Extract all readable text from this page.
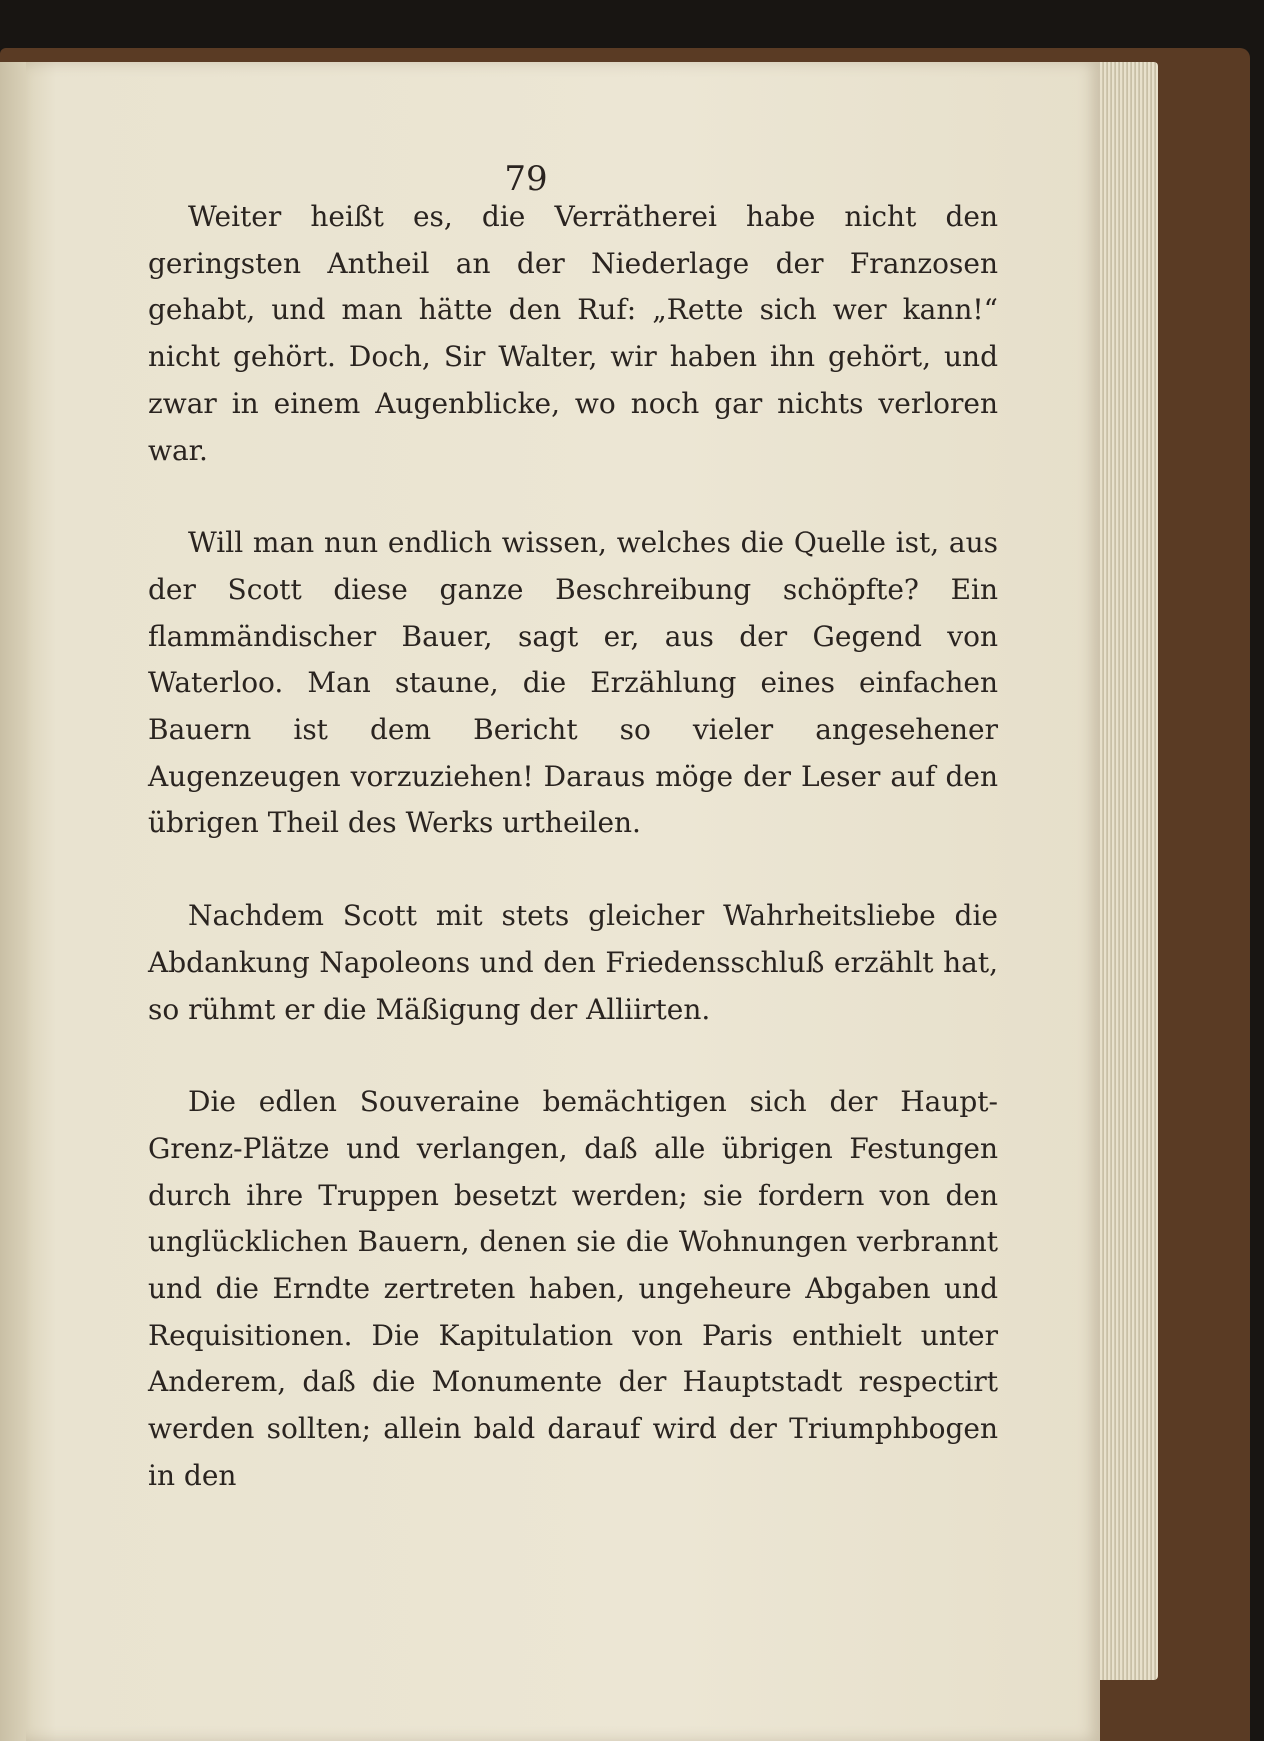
79

Weiter heißt es, die Verrätherei habe nicht den geringsten Antheil an der Niederlage der Franzosen gehabt, und man hätte den Ruf: „Rette sich wer kann!“ nicht gehört. Doch, Sir Walter, wir haben ihn gehört, und zwar in einem Augenblicke, wo noch gar nichts verloren war.

Will man nun endlich wissen, welches die Quelle ist, aus der Scott diese ganze Beschreibung schöpfte? Ein flammändischer Bauer, sagt er, aus der Gegend von Waterloo. Man staune, die Erzählung eines einfachen Bauern ist dem Bericht so vieler angesehener Augenzeugen vorzuziehen! Daraus möge der Leser auf den übrigen Theil des Werks urtheilen.

Nachdem Scott mit stets gleicher Wahrheitsliebe die Abdankung Napoleons und den Friedensschluß erzählt hat, so rühmt er die Mäßigung der Alliirten.

Die edlen Souveraine bemächtigen sich der Haupt-Grenz-Plätze und verlangen, daß alle übrigen Festungen durch ihre Truppen besetzt werden; sie fordern von den unglücklichen Bauern, denen sie die Wohnungen verbrannt und die Erndte zertreten haben, ungeheure Abgaben und Requisitionen. Die Kapitulation von Paris enthielt unter Anderem, daß die Monumente der Hauptstadt respectirt werden sollten; allein bald darauf wird der Triumphbogen in den
